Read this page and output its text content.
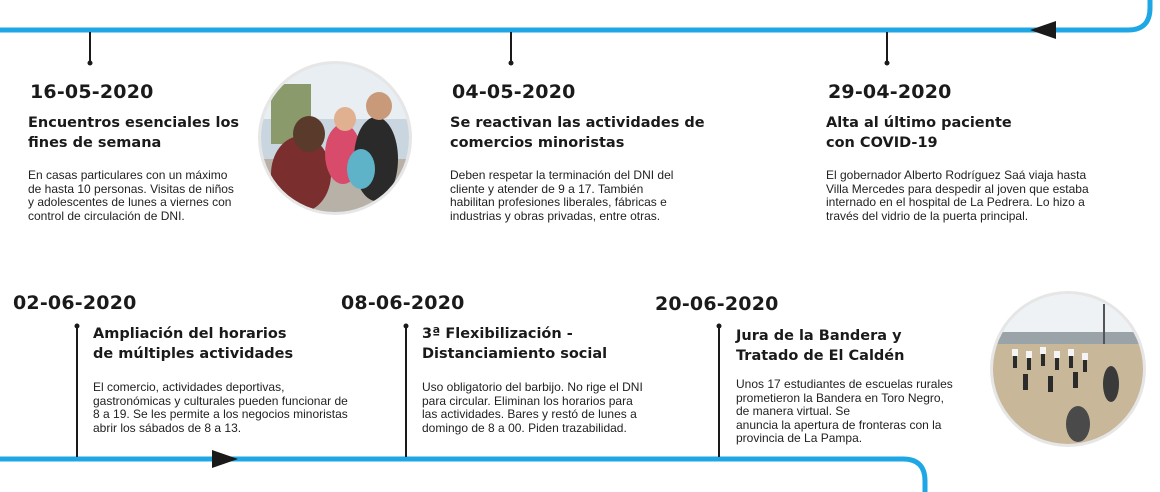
16-05-2020
Encuentros esenciales los
fines de semana
En casas particulares con un máximo
de hasta 10 personas. Visitas de niños
y adolescentes de lunes a viernes con
control de circulación de DNI.
04-05-2020
Se reactivan las actividades de
comercios minoristas
Deben respetar la terminación del DNI del
cliente y atender de 9 a 17. También
habilitan profesiones liberales, fábricas e
industrias y obras privadas, entre otras.
29-04-2020
Alta al último paciente
con COVID-19
El gobernador Alberto Rodríguez Saá viaja hasta
Villa Mercedes para despedir al joven que estaba
internado en el hospital de La Pedrera. Lo hizo a
través del vidrio de la puerta principal.
02-06-2020
Ampliación del horarios
de múltiples actividades
El comercio, actividades deportivas,
gastronómicas y culturales pueden funcionar de
8 a 19. Se les permite a los negocios minoristas
abrir los sábados de 8 a 13.
08-06-2020
3ª Flexibilización -
Distanciamiento social
Uso obligatorio del barbijo. No rige el DNI
para circular. Eliminan los horarios para
las actividades. Bares y restó de lunes a
domingo de 8 a 00. Piden trazabilidad.
20-06-2020
Jura de la Bandera y
Tratado de El Caldén
Unos 17 estudiantes de escuelas rurales
prometieron la Bandera en Toro Negro,
de manera virtual. Se
anuncia la apertura de fronteras con la
provincia de La Pampa.
